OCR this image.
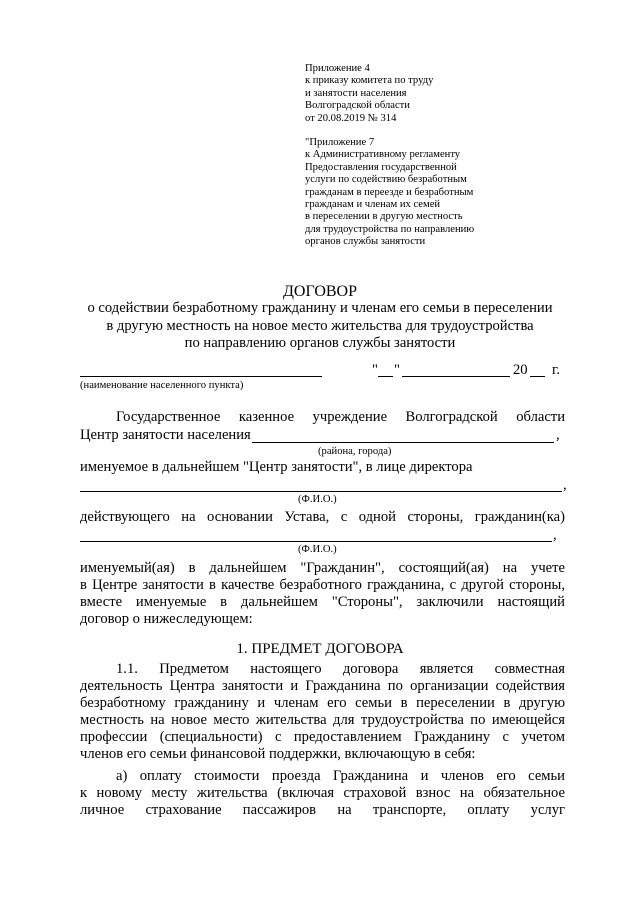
Приложение 4
к приказу комитета по труду
и занятости населения
Волгоградской области
от 20.08.2019 № 314
"Приложение 7
к Административному регламенту
Предоставления государственной
услуги по содействию безработным
гражданам в переезде и безработным
гражданам и членам их семей
в переселении в другую местность
для трудоустройства по направлению
органов службы занятости
ДОГОВОР
о содействии безработному гражданину и членам его семьи в переселении
в другую местность на новое место жительства для трудоустройства
по направлению органов службы занятости
(наименование населенного пункта)
" "	20 г.
Государственное казенное учреждение Волгоградской области
Центр занятости населения	,
(района, города)
именуемое в дальнейшем "Центр занятости", в лице директора
,
(Ф.И.О.)
действующего на основании Устава, с одной стороны, гражданин(ка)
,
(Ф.И.О.)
именуемый(ая) в дальнейшем "Гражданин", состоящий(ая) на учете
в Центре занятости в качестве безработного гражданина, с другой стороны,
вместе именуемые в дальнейшем "Стороны", заключили настоящий
договор о нижеследующем:
1. ПРЕДМЕТ ДОГОВОРА
1.1. Предметом настоящего договора является совместная
деятельность Центра занятости и Гражданина по организации содействия
безработному гражданину и членам его семьи в переселении в другую
местность на новое место жительства для трудоустройства по имеющейся
профессии (специальности) с предоставлением Гражданину с учетом
членов его семьи финансовой поддержки, включающую в себя:
а) оплату стоимости проезда Гражданина и членов его семьи
к новому месту жительства (включая страховой взнос на обязательное
личное страхование пассажиров на транспорте, оплату услуг
